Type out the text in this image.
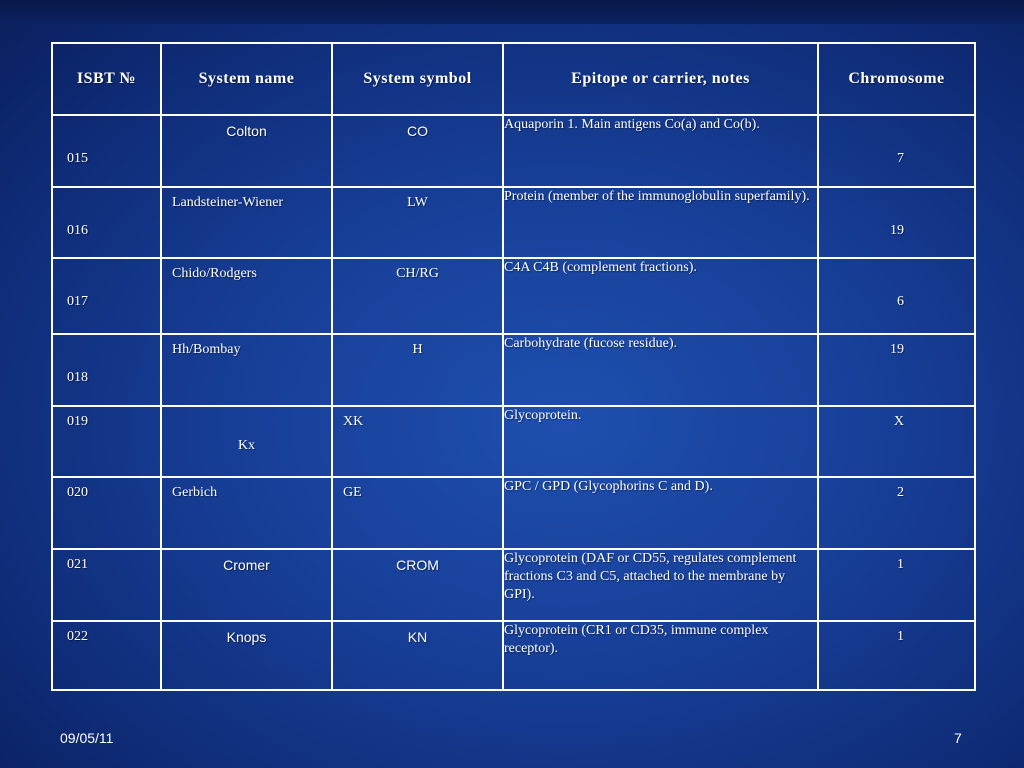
ISBT №	System name	System symbol	Epitope or carrier, notes	Chromosome

015	Colton	CO	Aquaporin 1. Main antigens Co(a) and Co(b).	7

016	Landsteiner-Wiener	LW	Protein (member of the immunoglobulin superfamily).	19

017	Chido/Rodgers	CH/RG	C4A C4B (complement fractions).	6

018	Hh/Bombay	H	Carbohydrate (fucose residue).	19

019	Kx	XK	Glycoprotein.	X

020	Gerbich	GE	GPC / GPD (Glycophorins C and D).	2

021	Cromer	CROM	Glycoprotein (DAF or CD55, regulates complement fractions C3 and C5, attached to the membrane by GPI).	1

022	Knops	KN	Glycoprotein (CR1 or CD35, immune complex receptor).	1
09/05/11	7
